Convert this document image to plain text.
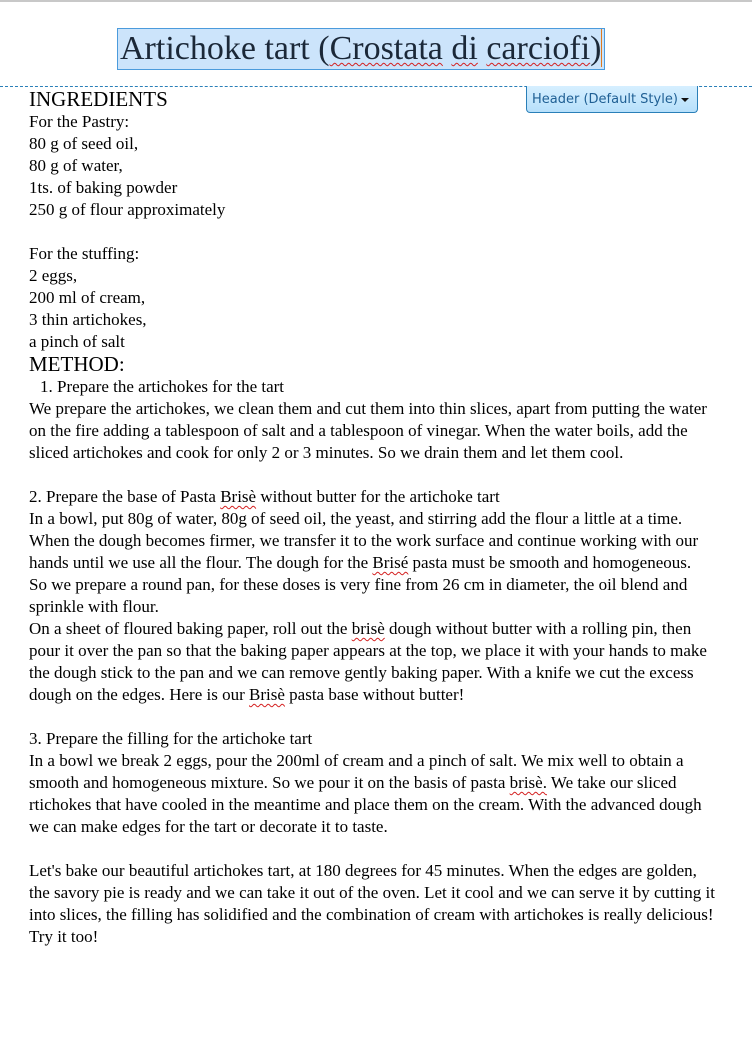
Artichoke tart (Crostata di carciofi)
Header (Default Style)

INGREDIENTS

For the Pastry:

80 g of seed oil,

80 g of water,

1ts. of baking powder

250 g of flour approximately

For the stuffing:

2 eggs,

200 ml of cream,

3 thin artichokes,

a pinch of salt

METHOD:

1. Prepare the artichokes for the tart

We prepare the artichokes, we clean them and cut them into thin slices, apart from putting the water on the fire adding a tablespoon of salt and a tablespoon of vinegar. When the water boils, add the sliced artichokes and cook for only 2 or 3 minutes. So we drain them and let them cool.

2. Prepare the base of Pasta Brisè without butter for the artichoke tart

In a bowl, put 80g of water, 80g of seed oil, the yeast, and stirring add the flour a little at a time. When the dough becomes firmer, we transfer it to the work surface and continue working with our hands until we use all the flour. The dough for the Brisé pasta must be smooth and homogeneous.

So we prepare a round pan, for these doses is very fine from 26 cm in diameter, the oil blend and sprinkle with flour.

On a sheet of floured baking paper, roll out the brisè dough without butter with a rolling pin, then pour it over the pan so that the baking paper appears at the top, we place it with your hands to make the dough stick to the pan and we can remove gently baking paper. With a knife we cut the excess dough on the edges. Here is our Brisè pasta base without butter!

3. Prepare the filling for the artichoke tart

In a bowl we break 2 eggs, pour the 200ml of cream and a pinch of salt. We mix well to obtain a smooth and homogeneous mixture. So we pour it on the basis of pasta brisè. We take our sliced rtichokes that have cooled in the meantime and place them on the cream. With the advanced dough we can make edges for the tart or decorate it to taste.

Let's bake our beautiful artichokes tart, at 180 degrees for 45 minutes. When the edges are golden, the savory pie is ready and we can take it out of the oven. Let it cool and we can serve it by cutting it into slices, the filling has solidified and the combination of cream with artichokes is really delicious! Try it too!
